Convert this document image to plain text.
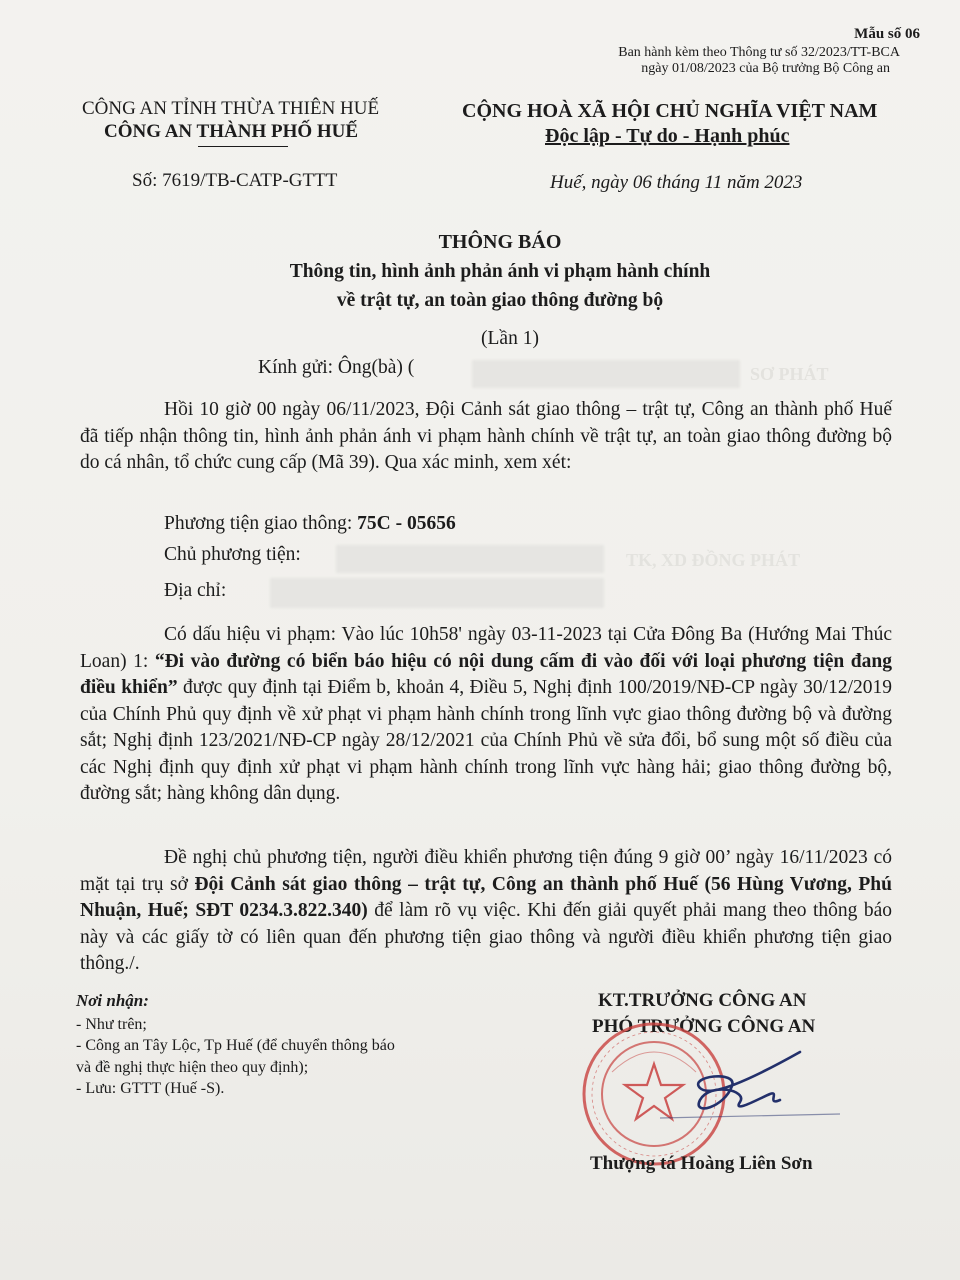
Mẫu số 06
Ban hành kèm theo Thông tư số 32/2023/TT-BCA
ngày 01/08/2023 của Bộ trưởng Bộ Công an
CÔNG AN TỈNH THỪA THIÊN HUẾ
CÔNG AN THÀNH PHỐ HUẾ
Số: 7619/TB-CATP-GTTT
CỘNG HOÀ XÃ HỘI CHỦ NGHĨA VIỆT NAM
Độc lập - Tự do - Hạnh phúc
Huế, ngày 06 tháng 11 năm 2023
THÔNG BÁO
Thông tin, hình ảnh phản ánh vi phạm hành chính
về trật tự, an toàn giao thông đường bộ
(Lần 1)
Kính gửi: Ông(bà) (	SƠ PHÁT
Hồi 10 giờ 00 ngày 06/11/2023, Đội Cảnh sát giao thông – trật tự, Công an thành phố Huế đã tiếp nhận thông tin, hình ảnh phản ánh vi phạm hành chính về trật tự, an toàn giao thông đường bộ do cá nhân, tổ chức cung cấp (Mã 39). Qua xác minh, xem xét:
Phương tiện giao thông: 75C - 05656
Chủ phương tiện:	TK, XD ĐỒNG PHÁT
Địa chỉ:
Có dấu hiệu vi phạm: Vào lúc 10h58' ngày 03-11-2023 tại Cửa Đông Ba (Hướng Mai Thúc Loan) 1: “Đi vào đường có biển báo hiệu có nội dung cấm đi vào đối với loại phương tiện đang điều khiển” được quy định tại Điểm b, khoản 4, Điều 5, Nghị định 100/2019/NĐ-CP ngày 30/12/2019 của Chính Phủ quy định về xử phạt vi phạm hành chính trong lĩnh vực giao thông đường bộ và đường sắt; Nghị định 123/2021/NĐ-CP ngày 28/12/2021 của Chính Phủ về sửa đổi, bổ sung một số điều của các Nghị định quy định xử phạt vi phạm hành chính trong lĩnh vực hàng hải; giao thông đường bộ, đường sắt; hàng không dân dụng.
Đề nghị chủ phương tiện, người điều khiển phương tiện đúng 9 giờ 00’ ngày 16/11/2023 có mặt tại trụ sở Đội Cảnh sát giao thông – trật tự, Công an thành phố Huế (56 Hùng Vương, Phú Nhuận, Huế; SĐT 0234.3.822.340) để làm rõ vụ việc. Khi đến giải quyết phải mang theo thông báo này và các giấy tờ có liên quan đến phương tiện giao thông và người điều khiển phương tiện giao thông./.
Nơi nhận:
- Như trên;
- Công an Tây Lộc, Tp Huế (để chuyển thông báo
và đề nghị thực hiện theo quy định);
- Lưu: GTTT (Huế -S).
KT.TRƯỞNG CÔNG AN
PHÓ TRƯỞNG CÔNG AN
Thượng tá Hoàng Liên Sơn
